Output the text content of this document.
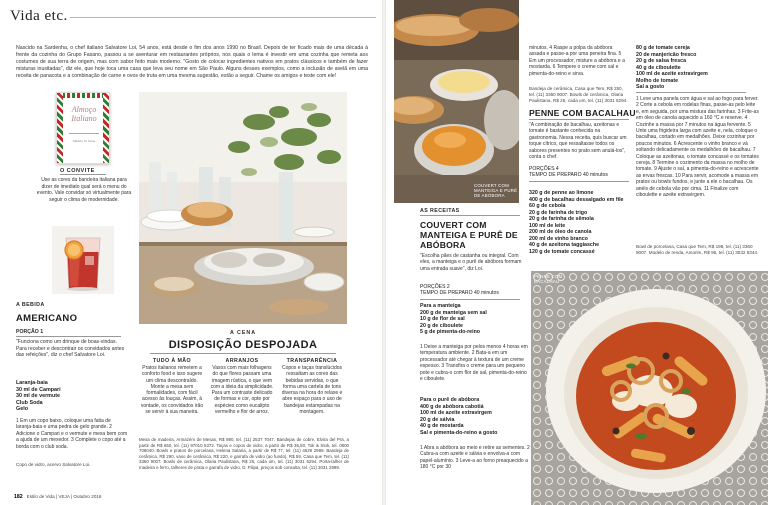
Vida etc.

Nascido na Sardenha, o chef italiano Salvatore Loi, 54 anos, está desde o fim dos anos 1990 no Brasil. Depois de ter ficado mais de uma década à frente da cozinha do Grupo Fasano, passou a se aventurar em restaurantes próprios, nos quais o lema é investir em uma cozinha que remeta aos costumes de sua terra de origem, mas com sabor feito mais moderno. "Gosto de colocar ingredientes nativos em pratos clássicos e também de fazer misturas inusitadas", diz ele, que hoje toca uma casa que leva seu nome em São Paulo. Alguns desses exemplos, como a inclusão de avelã em uma receita de panacota e a combinação de carne e ovos de truta em uma mesma sugestão, estão a seguir. Chame os amigos e teste com ele!

Almoço Italiano
Sábado 12 horas
O CONVITE

Use as cores da bandeira italiana para dizer de imediato qual será o menu do evento. Vale convidar só virtualmente para seguir o clima de modernidade.

A BEBIDA
AMERICANO
PORÇÃO 1

"Funciona como um drinque de boas-vindas. Para receber e descontrair os convidados antes das refeições", diz o chef Salvatore Loi.

Laranja-baia
30 ml de Campari
30 ml de vermute
Club Soda
Gelo

1 Em um copo baixo, coloque uma fatia de laranja-baia e uma pedra de gelo grande. 2 Adicione o Campari e o vermute e mexa bem com a ajuda de um mexedor. 3 Complete o copo até a borda com o club soda.

Copo de vidro, acervo Salvatore Loi.

A CENA
DISPOSIÇÃO DESPOJADA
TUDO À MÃO
Pratos italianos remetem a conforto food e isso sugere um clima descontraído. Monte a mesa sem formalidades, com fácil acesso às louças. Assim, à vontade, os convidados irão se servir à sua maneira.
ARRANJOS
Vasos com mais folhagens do que flores passam uma imagem rústica, o que vem com a ideia da simplicidade. Para um contraste delicado de formas e cor, opte por espécies como eucalipto vermelho e flor de arroz.
TRANSPARÊNCIA
Copos e taças translúcidos ressaltam as cores das bebidas servidas, o que forma uma cartela de tons diversa na hora do relaxe e abre espaço para o uso de bandejas estampadas na montagem.

Mesa de madeira, Armazém de Mesas, R$ 890, tel. (11) 2537 7047. Bandejas de cobre, Elvira del Pra, a partir de R$ 650, tel. (11) 97010 5372. Taças e copos de vidro, a partir de R$ 36,50, Tok & Stok, tel. 0800 708040. Bowls e pratos de porcelana, Helena Salaria, a partir de R$ 77, tel. (11) 4529 2988. Bandeja de cerâmica, R$ 290, vaso de cerâmica, R$ 220, e garrafa de vidro (ao fundo), R$ 59, Casa que Tem, tel. (11) 3360 9007. Bowls de cerâmica, Olaria Paulistana, R$ 25, cada um, tel. (11) 3031 5294. Porta-talher de madeira e ferro, talheres de prata e garrafa de vidro, D. Filipa, preços sob consulta, tel. (11) 3031 2999.

182 Estilo de Vida | VEJA | Outubro 2016
COUVERT COM MANTEIGA E PURÊ DE ABÓBORA
AS RECEITAS
COUVERT COM MANTEIGA E PURÊ DE ABÓBORA

"Escolha pães de castanha ou integral. Com eles, a manteiga e o purê de abóbora formam uma entrada suave", diz Loi.

PORÇÕES 2
TEMPO DE PREPARO 40 minutos
Para a manteiga
200 g de manteiga sem sal
10 g de flor de sal
20 g de ciboulete
5 g de pimenta-do-reino

1 Deixe a manteiga por pelos menos 4 horas em temperatura ambiente. 2 Bata-a em um processador até chegar à textura de um creme espesso. 3 Transfira o creme para um pequeno pote e cubra-o com flor de sal, pimenta-do-reino e ciboulete.

Para o purê de abóbora
400 g de abóbora cabotiá
100 ml de azeite extravirgem
20 g de sálvia
40 g de mostarda
Sal e pimenta-do-reino a gosto

1 Abra a abóbora ao meio e retire as sementes. 2 Cubra-a com azeite e sálvia e envolva-a com papel-alumínio. 3 Leve-a ao forno preaquecido a 180 °C por 30

minutos. 4 Raspe a polpa da abóbora assada e passe-a por uma peneira fina. 5 Em um processador, misture a abóbora e a mostarda. 6 Tempere o creme com sal e pimenta-do-reino e sirva.

Bandeja de cerâmica, Casa que Tem, R$ 250, tel. (11) 3360 9007. Bowls de cerâmica, Olaria Paulistana, R$ 25, cada um, tel. (11) 3031 5294.

PENNE COM BACALHAU

"A combinação de bacalhau, azeitonas e tomate é bastante conhecida na gastronomia. Nessa receita, quis buscar um toque cítrico, que ressaltasse todos os sabores presentes no prato sem anulá-los", conta o chef.

PORÇÕES 4
TEMPO DE PREPARO 40 minutos
320 g de penne ao limone
400 g de bacalhau dessalgado em file
60 g de cebola
20 g de farinha de trigo
20 g de farinha de sêmola
100 ml de leite
200 ml de óleo de canola
200 ml de vinho branco
40 g de azeitona taggiasche
120 g de tomate concassé
80 g de tomate cereja
20 de manjericão fresco
20 g de salsa fresca
40 g de ciboulette
100 ml de azeite extravirgem
Molho de tomate
Sal a gosto

1 Leve uma panela com água e sal ao fogo para ferver. 2 Corte a cebola em rodelas finas, passe-as pelo leite e, em seguida, por uma mistura das farinhas. 3 Frite-as em óleo de canola aquecido a 160 °C e reserve. 4 Cozinhe a massa por 7 minutos na água fervente. 5 Unte uma frigideira larga com azeite e, nela, coloque o bacalhau, cortado em medalhões. Deixe cozinhar por poucos minutos. 6 Acrescente o vinho branco e vá soltando delicadamente os medalhões de bacalhau. 7 Coloque as azeitonas, o tomate concassé e os tomates cereja. 8 Termine o cozimento da massa no molho de tomate. 9 Ajuste o sal, a pimenta-do-reino e acrescente as ervas frescas. 10 Para servir, acomode a massa em pratos ou bowls fundos, e junte a ele o bacalhau. Os anéis de cebola vão por cima. 11 Finalize com ciboulette e azeite extravirgem.

Bowl de porcelana, Casa que Tem, R$ 198, tel. (11) 3360 9007. Modelo de renda, Amorim, R$ 96, tel. (11) 3032 5344.

PENNE COM BACALHAU
